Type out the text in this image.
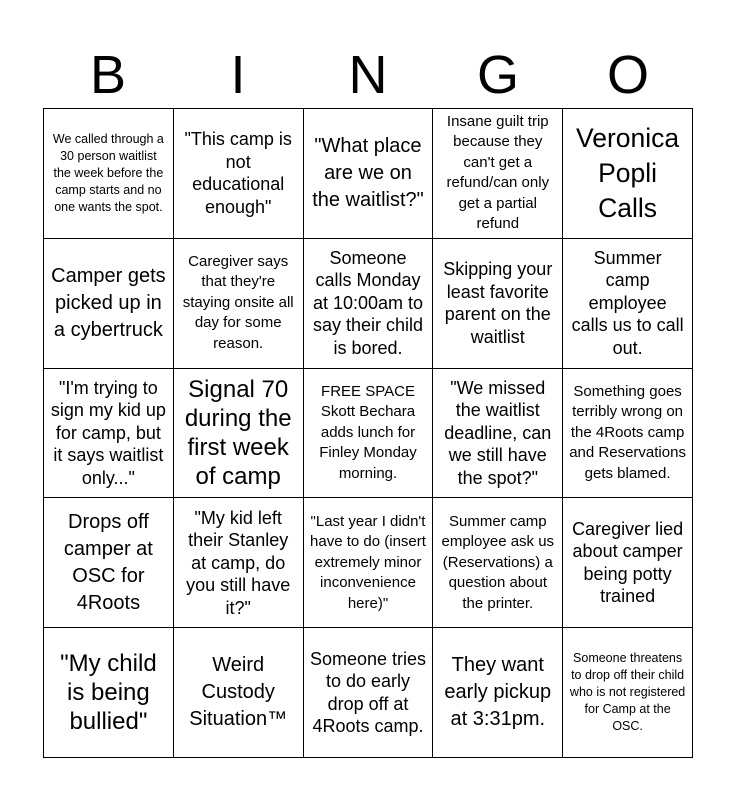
B	I	N	G	O
We called through a 30 person waitlist the week before the camp starts and no one wants the spot.
"This camp is not educational enough"
"What place are we on the waitlist?"
Insane guilt trip because they can't get a refund/can only get a partial refund
Veronica Popli Calls
Camper gets picked up in a cybertruck
Caregiver says that they're staying onsite all day for some reason.
Someone calls Monday at 10:00am to say their child is bored.
Skipping your least favorite parent on the waitlist
Summer camp employee calls us to call out.
"I'm trying to sign my kid up for camp, but it says waitlist only..."
Signal 70 during the first week of camp
FREE SPACE Skott Bechara adds lunch for Finley Monday morning.
"We missed the waitlist deadline, can we still have the spot?"
Something goes terribly wrong on the 4Roots camp and Reservations gets blamed.
Drops off camper at OSC for 4Roots
"My kid left their Stanley at camp, do you still have it?"
"Last year I didn't have to do (insert extremely minor inconvenience here)"
Summer camp employee ask us (Reservations) a question about the printer.
Caregiver lied about camper being potty trained
"My child is being bullied"
Weird Custody Situation™
Someone tries to do early drop off at 4Roots camp.
They want early pickup at 3:31pm.
Someone threatens to drop off their child who is not registered for Camp at the OSC.
